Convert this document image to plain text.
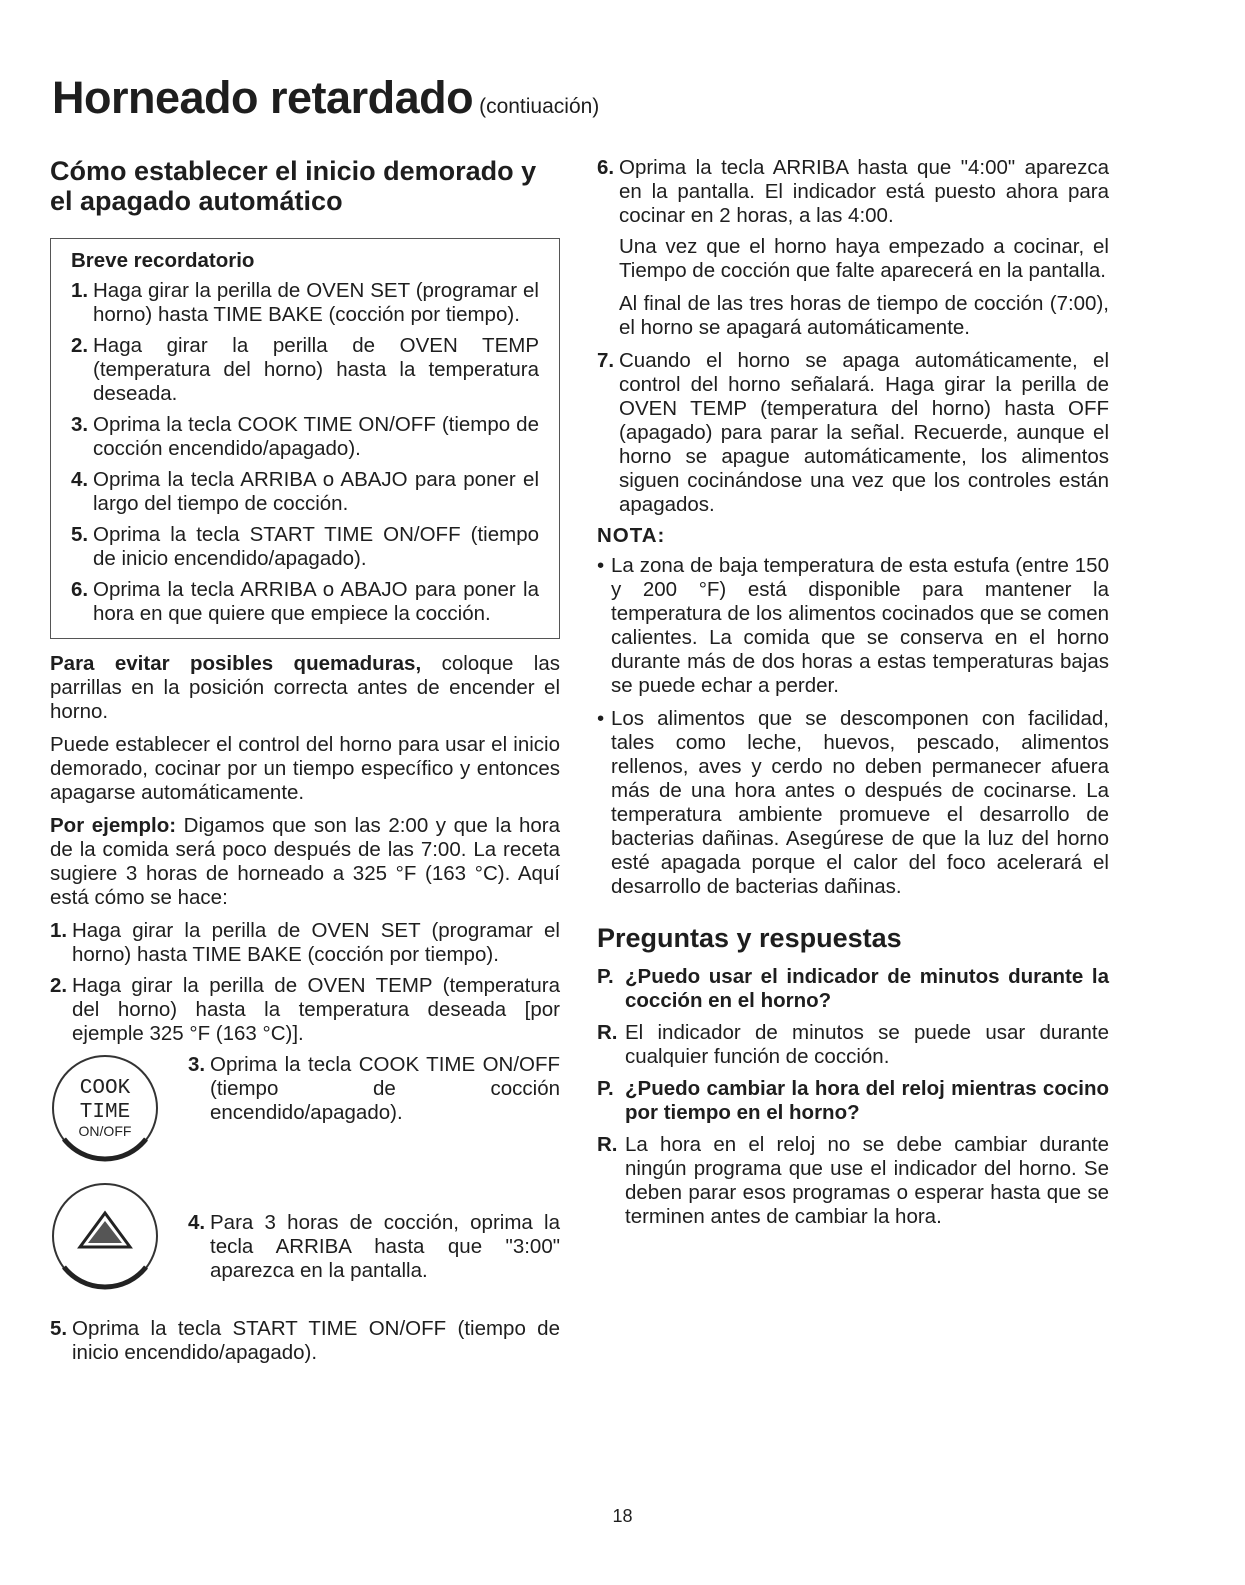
Horneado retardado (contiuación)
Cómo establecer el inicio demorado y el apagado automático
Breve recordatorio
1. Haga girar la perilla de OVEN SET (programar el horno) hasta TIME BAKE (cocción por tiempo).
2. Haga girar la perilla de OVEN TEMP (temperatura del horno) hasta la temperatura deseada.
3. Oprima la tecla COOK TIME ON/OFF (tiempo de cocción encendido/apagado).
4. Oprima la tecla ARRIBA o ABAJO para poner el largo del tiempo de cocción.
5. Oprima la tecla START TIME ON/OFF (tiempo de inicio encendido/apagado).
6. Oprima la tecla ARRIBA o ABAJO para poner la hora en que quiere que empiece la cocción.

Para evitar posibles quemaduras, coloque las parrillas en la posición correcta antes de encender el horno.

Puede establecer el control del horno para usar el inicio demorado, cocinar por un tiempo específico y entonces apagarse automáticamente.

Por ejemplo: Digamos que son las 2:00 y que la hora de la comida será poco después de las 7:00. La receta sugiere 3 horas de horneado a 325 °F (163 °C). Aquí está cómo se hace:

1. Haga girar la perilla de OVEN SET (programar el horno) hasta TIME BAKE (cocción por tiempo).
2. Haga girar la perilla de OVEN TEMP (temperatura del horno) hasta la temperatura deseada [por ejemple 325 °F (163 °C)].
COOK
TIME
ON/OFF
3. Oprima la tecla COOK TIME ON/OFF (tiempo de cocción encendido/apagado).
4. Para 3 horas de cocción, oprima la tecla ARRIBA hasta que "3:00" aparezca en la pantalla.
5. Oprima la tecla START TIME ON/OFF (tiempo de inicio encendido/apagado).
6. Oprima la tecla ARRIBA hasta que "4:00" aparezca en la pantalla. El indicador está puesto ahora para cocinar en 2 horas, a las 4:00.

Una vez que el horno haya empezado a cocinar, el Tiempo de cocción que falte aparecerá en la pantalla.

Al final de las tres horas de tiempo de cocción (7:00), el horno se apagará automáticamente.

7. Cuando el horno se apaga automáticamente, el control del horno señalará. Haga girar la perilla de OVEN TEMP (temperatura del horno) hasta OFF (apagado) para parar la señal. Recuerde, aunque el horno se apague automáticamente, los alimentos siguen cocinándose una vez que los controles están apagados.
NOTA:
• La zona de baja temperatura de esta estufa (entre 150 y 200 °F) está disponible para mantener la temperatura de los alimentos cocinados que se comen calientes. La comida que se conserva en el horno durante más de dos horas a estas temperaturas bajas se puede echar a perder.
• Los alimentos que se descomponen con facilidad, tales como leche, huevos, pescado, alimentos rellenos, aves y cerdo no deben permanecer afuera más de una hora antes o después de cocinarse. La temperatura ambiente promueve el desarrollo de bacterias dañinas. Asegúrese de que la luz del horno esté apagada porque el calor del foco acelerará el desarrollo de bacterias dañinas.
Preguntas y respuestas
P. ¿Puedo usar el indicador de minutos durante la cocción en el horno?
R. El indicador de minutos se puede usar durante cualquier función de cocción.
P. ¿Puedo cambiar la hora del reloj mientras cocino por tiempo en el horno?
R. La hora en el reloj no se debe cambiar durante ningún programa que use el indicador del horno. Se deben parar esos programas o esperar hasta que se terminen antes de cambiar la hora.
18
